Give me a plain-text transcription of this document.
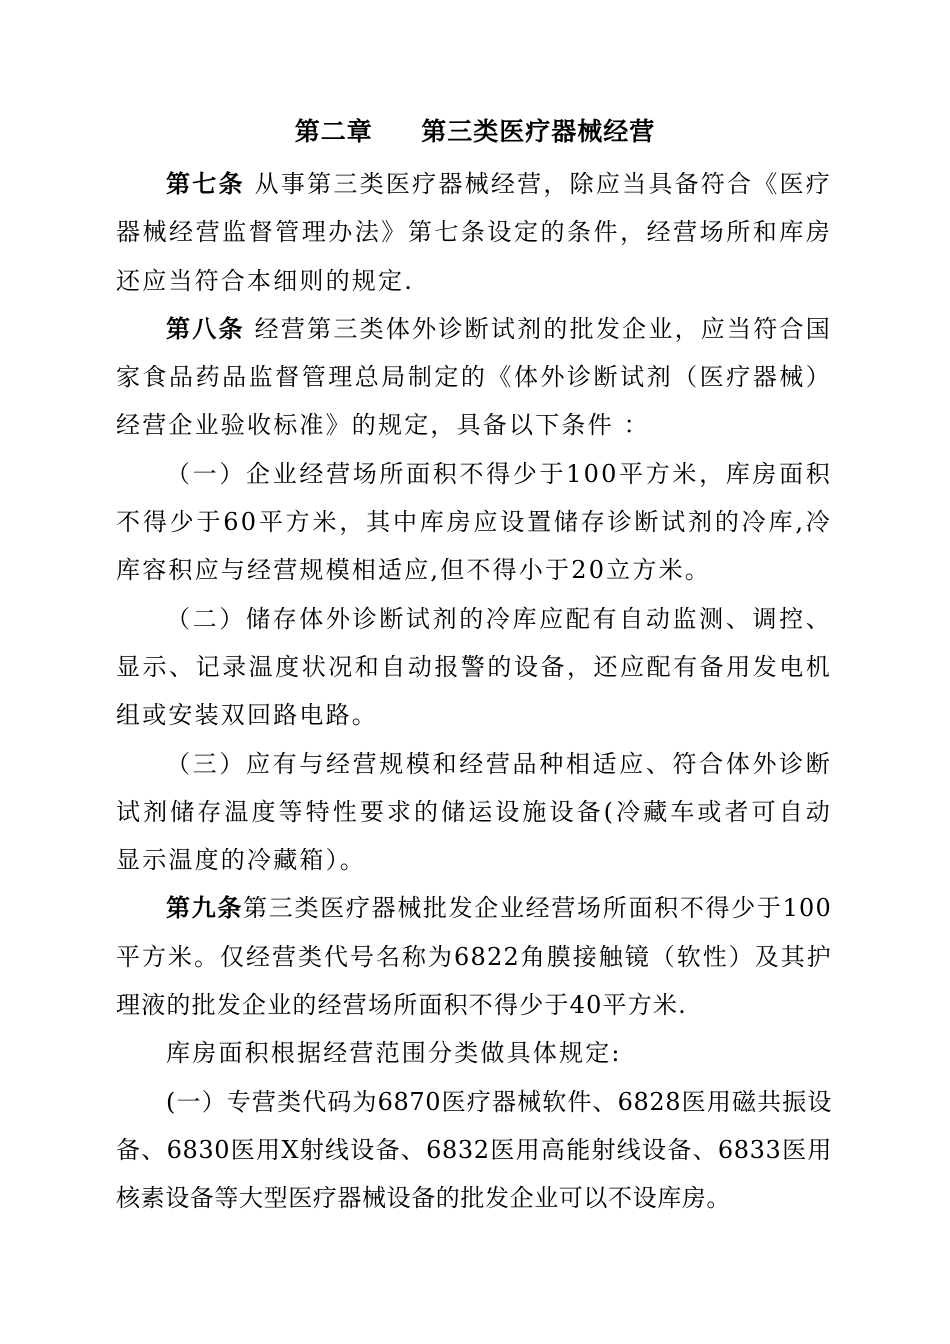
第二章     第三类医疗器械经营

第七条 从事第三类医疗器械经营，除应当具备符合《医疗器械经营监督管理办法》第七条设定的条件，经营场所和库房还应当符合本细则的规定.

第八条 经营第三类体外诊断试剂的批发企业，应当符合国家食品药品监督管理总局制定的《体外诊断试剂（医疗器械）经营企业验收标准》的规定，具备以下条件 ：

（一）企业经营场所面积不得少于100平方米，库房面积不得少于60平方米，其中库房应设置储存诊断试剂的冷库,冷库容积应与经营规模相适应,但不得小于20立方米。

（二）储存体外诊断试剂的冷库应配有自动监测、调控、显示、记录温度状况和自动报警的设备，还应配有备用发电机组或安装双回路电路。

（三）应有与经营规模和经营品种相适应、符合体外诊断试剂储存温度等特性要求的储运设施设备(冷藏车或者可自动显示温度的冷藏箱）。

第九条第三类医疗器械批发企业经营场所面积不得少于100平方米。仅经营类代号名称为6822角膜接触镜（软性）及其护理液的批发企业的经营场所面积不得少于40平方米.

库房面积根据经营范围分类做具体规定:

(一）专营类代码为6870医疗器械软件、6828医用磁共振设备、6830医用X射线设备、6832医用高能射线设备、6833医用核素设备等大型医疗器械设备的批发企业可以不设库房。
